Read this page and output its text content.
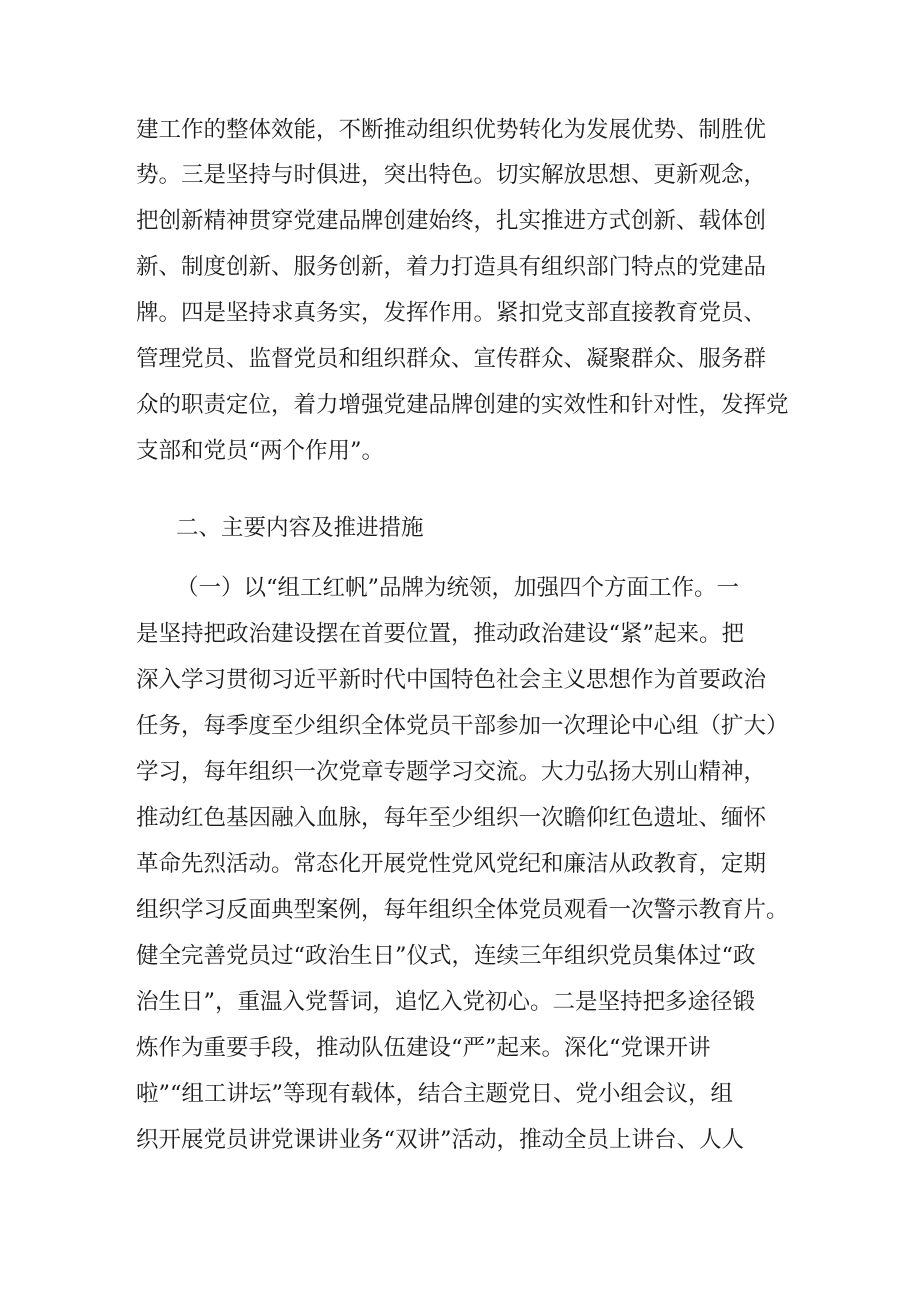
建工作的整体效能，不断推动组织优势转化为发展优势、制胜优
势。三是坚持与时俱进，突出特色。切实解放思想、更新观念，
把创新精神贯穿党建品牌创建始终，扎实推进方式创新、载体创
新、制度创新、服务创新，着力打造具有组织部门特点的党建品
牌。四是坚持求真务实，发挥作用。紧扣党支部直接教育党员、
管理党员、监督党员和组织群众、宣传群众、凝聚群众、服务群
众的职责定位，着力增强党建品牌创建的实效性和针对性，发挥党
支部和党员“两个作用”。
二、主要内容及推进措施
（一）以“组工红帆”品牌为统领，加强四个方面工作。一
是坚持把政治建设摆在首要位置，推动政治建设“紧”起来。把
深入学习贯彻习近平新时代中国特色社会主义思想作为首要政治
任务，每季度至少组织全体党员干部参加一次理论中心组（扩大）
学习，每年组织一次党章专题学习交流。大力弘扬大别山精神，
推动红色基因融入血脉，每年至少组织一次瞻仰红色遗址、缅怀
革命先烈活动。常态化开展党性党风党纪和廉洁从政教育，定期
组织学习反面典型案例，每年组织全体党员观看一次警示教育片。
健全完善党员过“政治生日”仪式，连续三年组织党员集体过“政
治生日”，重温入党誓词，追忆入党初心。二是坚持把多途径锻
炼作为重要手段，推动队伍建设“严”起来。深化“党课开讲
啦”“组工讲坛”等现有载体，结合主题党日、党小组会议，组
织开展党员讲党课讲业务“双讲”活动，推动全员上讲台、人人
